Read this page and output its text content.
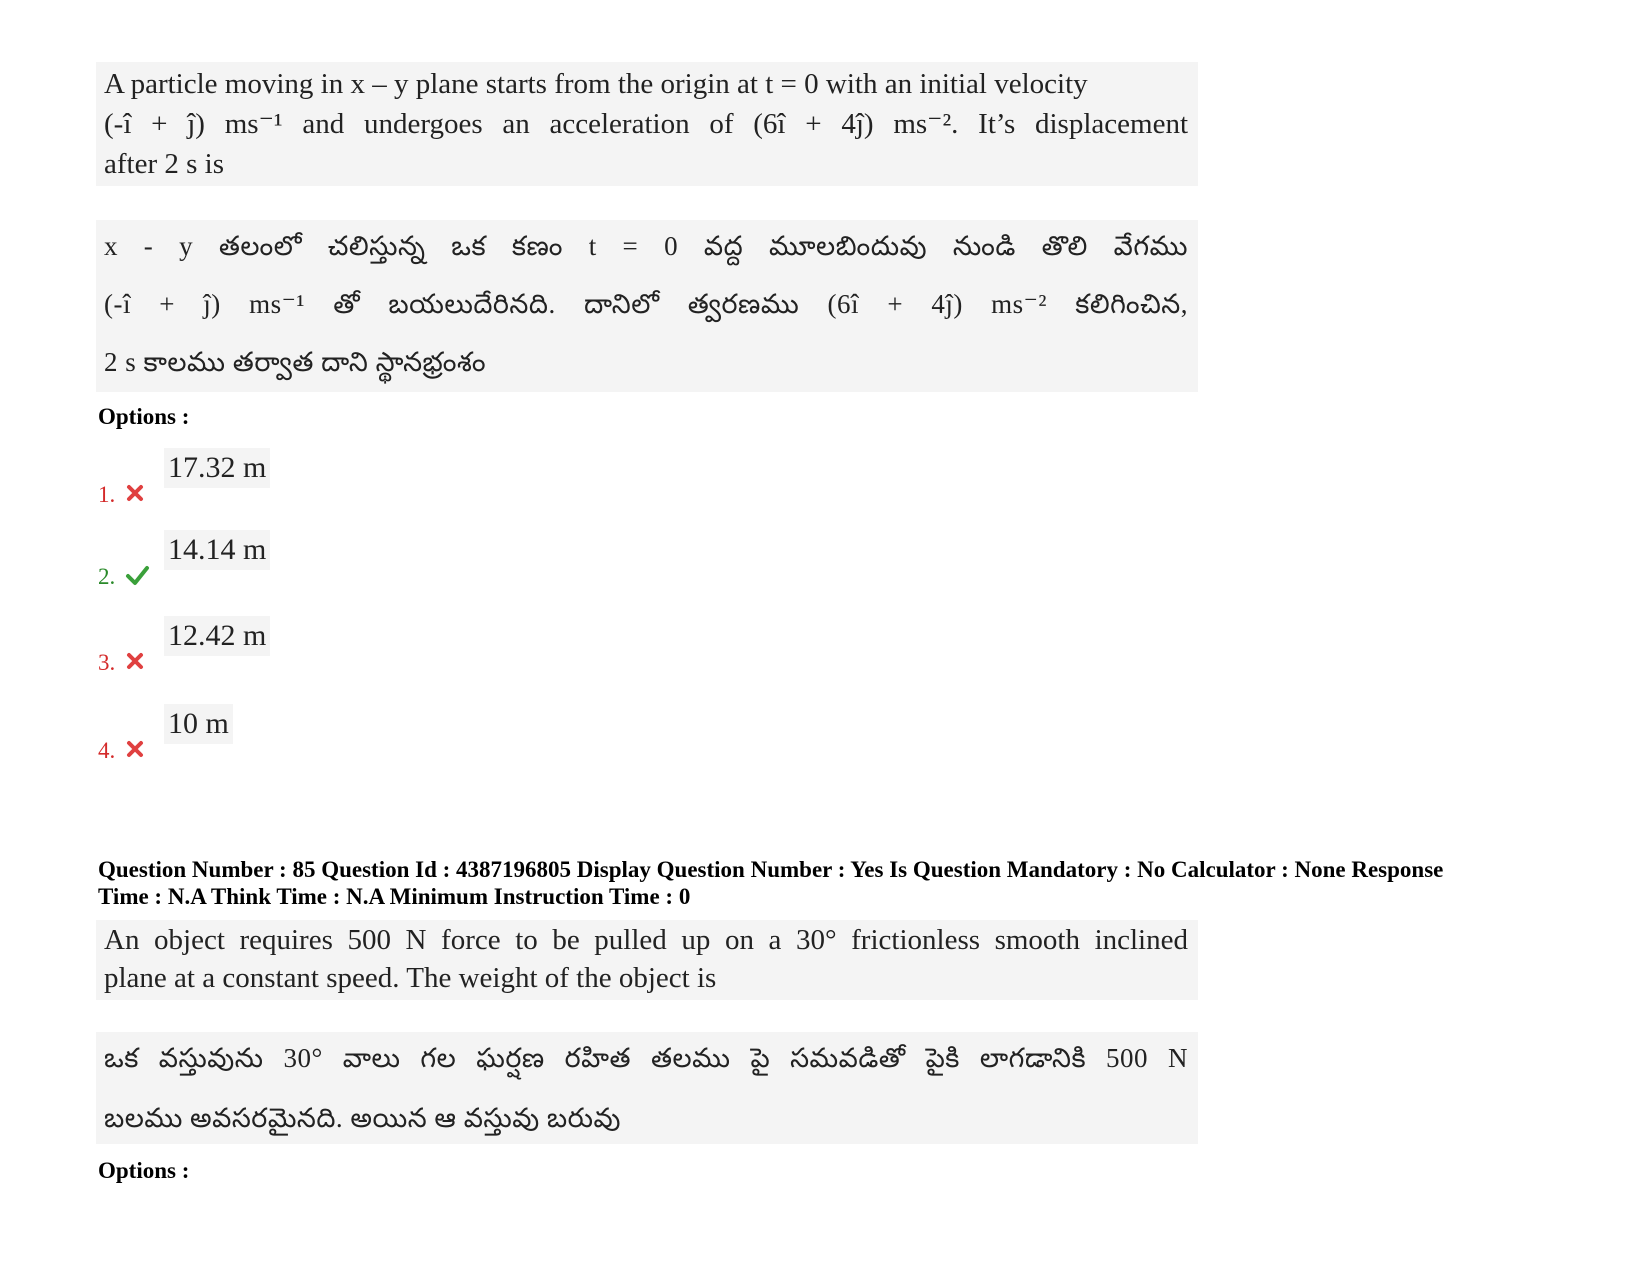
A particle moving in x – y plane starts from the origin at t = 0 with an initial velocity
(-î + ĵ) ms⁻¹ and undergoes an acceleration of (6î + 4ĵ) ms⁻². It’s displacement
after 2 s is
x - y తలంలో చలిస్తున్న ఒక కణం t = 0 వద్ద మూలబిందువు నుండి తొలి వేగము
(-î + ĵ) ms⁻¹ తో బయలుదేరినది. దానిలో త్వరణము (6î + 4ĵ) ms⁻² కలిగించిన,
2 s కాలము తర్వాత దాని స్థానభ్రంశం
Options :
1.
17.32 m
2.
14.14 m
3.
12.42 m
4.
10 m
Question Number : 85 Question Id : 4387196805 Display Question Number : Yes Is Question Mandatory : No Calculator : None Response
Time : N.A Think Time : N.A Minimum Instruction Time : 0
An object requires 500 N force to be pulled up on a 30° frictionless smooth inclined
plane at a constant speed. The weight of the object is
ఒక వస్తువును 30° వాలు గల ఘర్షణ రహిత తలము పై సమవడితో పైకి లాగడానికి 500 N
బలము అవసరమైనది. అయిన ఆ వస్తువు బరువు
Options :
